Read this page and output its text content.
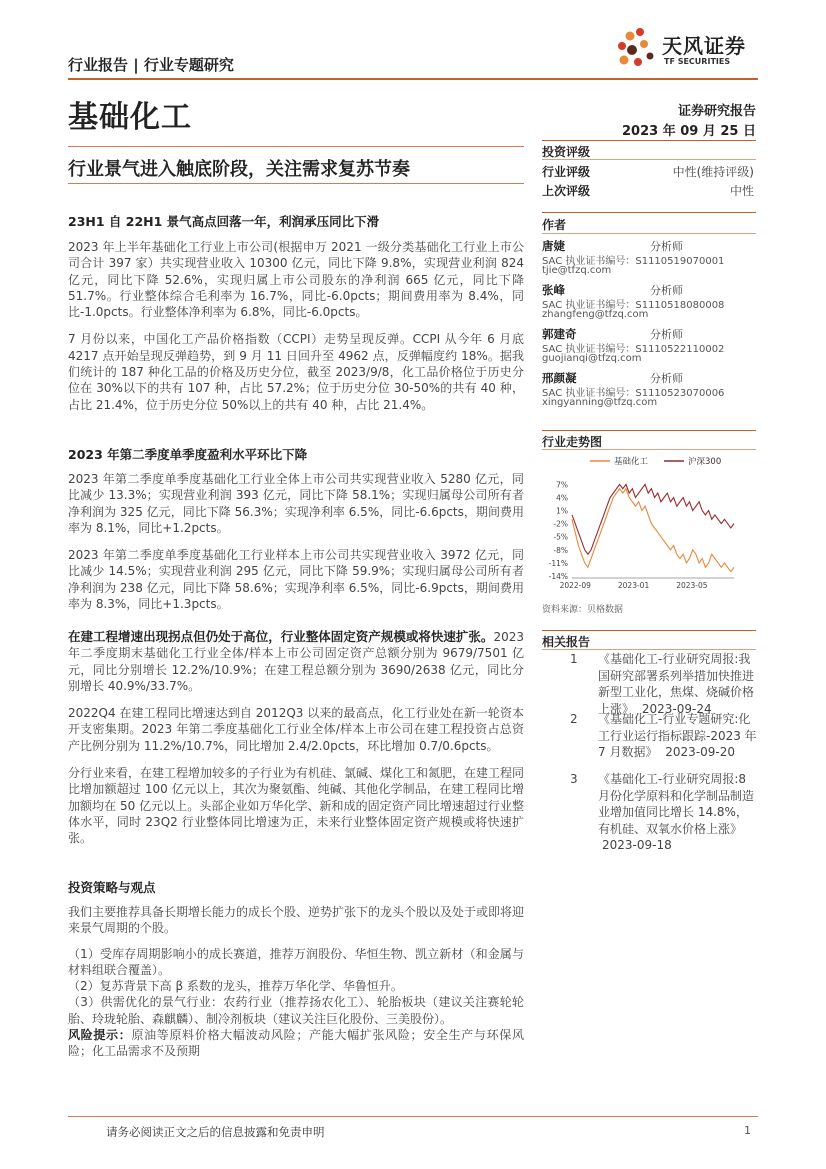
行业报告 | 行业专题研究
天风证券
TF SECURITIES
基础化工	证券研究报告
2023 年 09 月 25 日
行业景气进入触底阶段，关注需求复苏节奏
23H1 自 22H1 景气高点回落一年，利润承压同比下滑

2023 年上半年基础化工行业上市公司(根据申万 2021 一级分类基础化工行业上市公司合计 397 家）共实现营业收入 10300 亿元，同比下降 9.8%，实现营业利润 824 亿元，同比下降 52.6%，实现归属上市公司股东的净利润 665 亿元，同比下降 51.7%。行业整体综合毛利率为 16.7%，同比-6.0pcts；期间费用率为 8.4%，同比-1.0pcts。行业整体净利率为 6.8%，同比-6.0pcts。

7 月份以来，中国化工产品价格指数（CCPI）走势呈现反弹。CCPI 从今年 6 月底 4217 点开始呈现反弹趋势，到 9 月 11 日回升至 4962 点，反弹幅度约 18%。据我们统计的 187 种化工品的价格及历史分位，截至 2023/9/8，化工品价格位于历史分位在 30%以下的共有 107 种，占比 57.2%；位于历史分位 30-50%的共有 40 种，占比 21.4%，位于历史分位 50%以上的共有 40 种，占比 21.4%。

2023 年第二季度单季度盈利水平环比下降

2023 年第二季度单季度基础化工行业全体上市公司共实现营业收入 5280 亿元，同比减少 13.3%；实现营业利润 393 亿元，同比下降 58.1%；实现归属母公司所有者净利润为 325 亿元，同比下降 56.3%；实现净利率 6.5%，同比-6.6pcts，期间费用率为 8.1%，同比+1.2pcts。

2023 年第二季度单季度基础化工行业样本上市公司共实现营业收入 3972 亿元，同比减少 14.5%；实现营业利润 295 亿元，同比下降 59.9%；实现归属母公司所有者净利润为 238 亿元，同比下降 58.6%；实现净利率 6.5%，同比-6.9pcts，期间费用率为 8.3%，同比+1.3pcts。

在建工程增速出现拐点但仍处于高位，行业整体固定资产规模或将快速扩张。2023 年二季度期末基础化工行业全体/样本上市公司固定资产总额分别为 9679/7501 亿元，同比分别增长 12.2%/10.9%；在建工程总额分别为 3690/2638 亿元，同比分别增长 40.9%/33.7%。

2022Q4 在建工程同比增速达到自 2012Q3 以来的最高点，化工行业处在新一轮资本开支密集期。2023 年第二季度基础化工行业全体/样本上市公司在建工程投资占总资产比例分别为 11.2%/10.7%，同比增加 2.4/2.0pcts，环比增加 0.7/0.6pcts。

分行业来看，在建工程增加较多的子行业为有机硅、氯碱、煤化工和氮肥，在建工程同比增加额超过 100 亿元以上，其次为聚氨酯、纯碱、其他化学制品，在建工程同比增加额均在 50 亿元以上。头部企业如万华化学、新和成的固定资产同比增速超过行业整体水平，同时 23Q2 行业整体同比增速为正，未来行业整体固定资产规模或将快速扩张。

投资策略与观点

我们主要推荐具备长期增长能力的成长个股、逆势扩张下的龙头个股以及处于或即将迎来景气周期的个股。

（1）受库存周期影响小的成长赛道，推荐万润股份、华恒生物、凯立新材（和金属与材料组联合覆盖）。

（2）复苏背景下高 β 系数的龙头，推荐万华化学、华鲁恒升。

（3）供需优化的景气行业：农药行业（推荐扬农化工）、轮胎板块（建议关注赛轮轮胎、玲珑轮胎、森麒麟）、制冷剂板块（建议关注巨化股份、三美股份）。

风险提示：原油等原料价格大幅波动风险；产能大幅扩张风险；安全生产与环保风险；化工品需求不及预期

投资评级
行业评级	中性(维持评级)
上次评级	中性
作者
唐婕	分析师
SAC 执业证书编号：S1110519070001
tjie@tfzq.com
张峰	分析师
SAC 执业证书编号：S1110518080008
zhangfeng@tfzq.com
郭建奇	分析师
SAC 执业证书编号：S1110522110002
guojianqi@tfzq.com
邢颜凝	分析师
SAC 执业证书编号：S1110523070006
xingyanning@tfzq.com
行业走势图
基础化工	沪深300
7%
4%
1%
-2%
-5%
-8%
-11%
-14%
2022-09	2023-01	2023-05
资料来源：贝格数据
相关报告
1 《基础化工-行业研究周报:我国研究部署系列举措加快推进新型工业化，焦煤、烧碱价格上涨》 2023-09-24
2 《基础化工-行业专题研究:化工行业运行指标跟踪-2023 年 7 月数据》 2023-09-20
3 《基础化工-行业研究周报:8 月份化学原料和化学制品制造业增加值同比增长 14.8%，有机硅、双氧水价格上涨》 2023-09-18
请务必阅读正文之后的信息披露和免责申明	1
